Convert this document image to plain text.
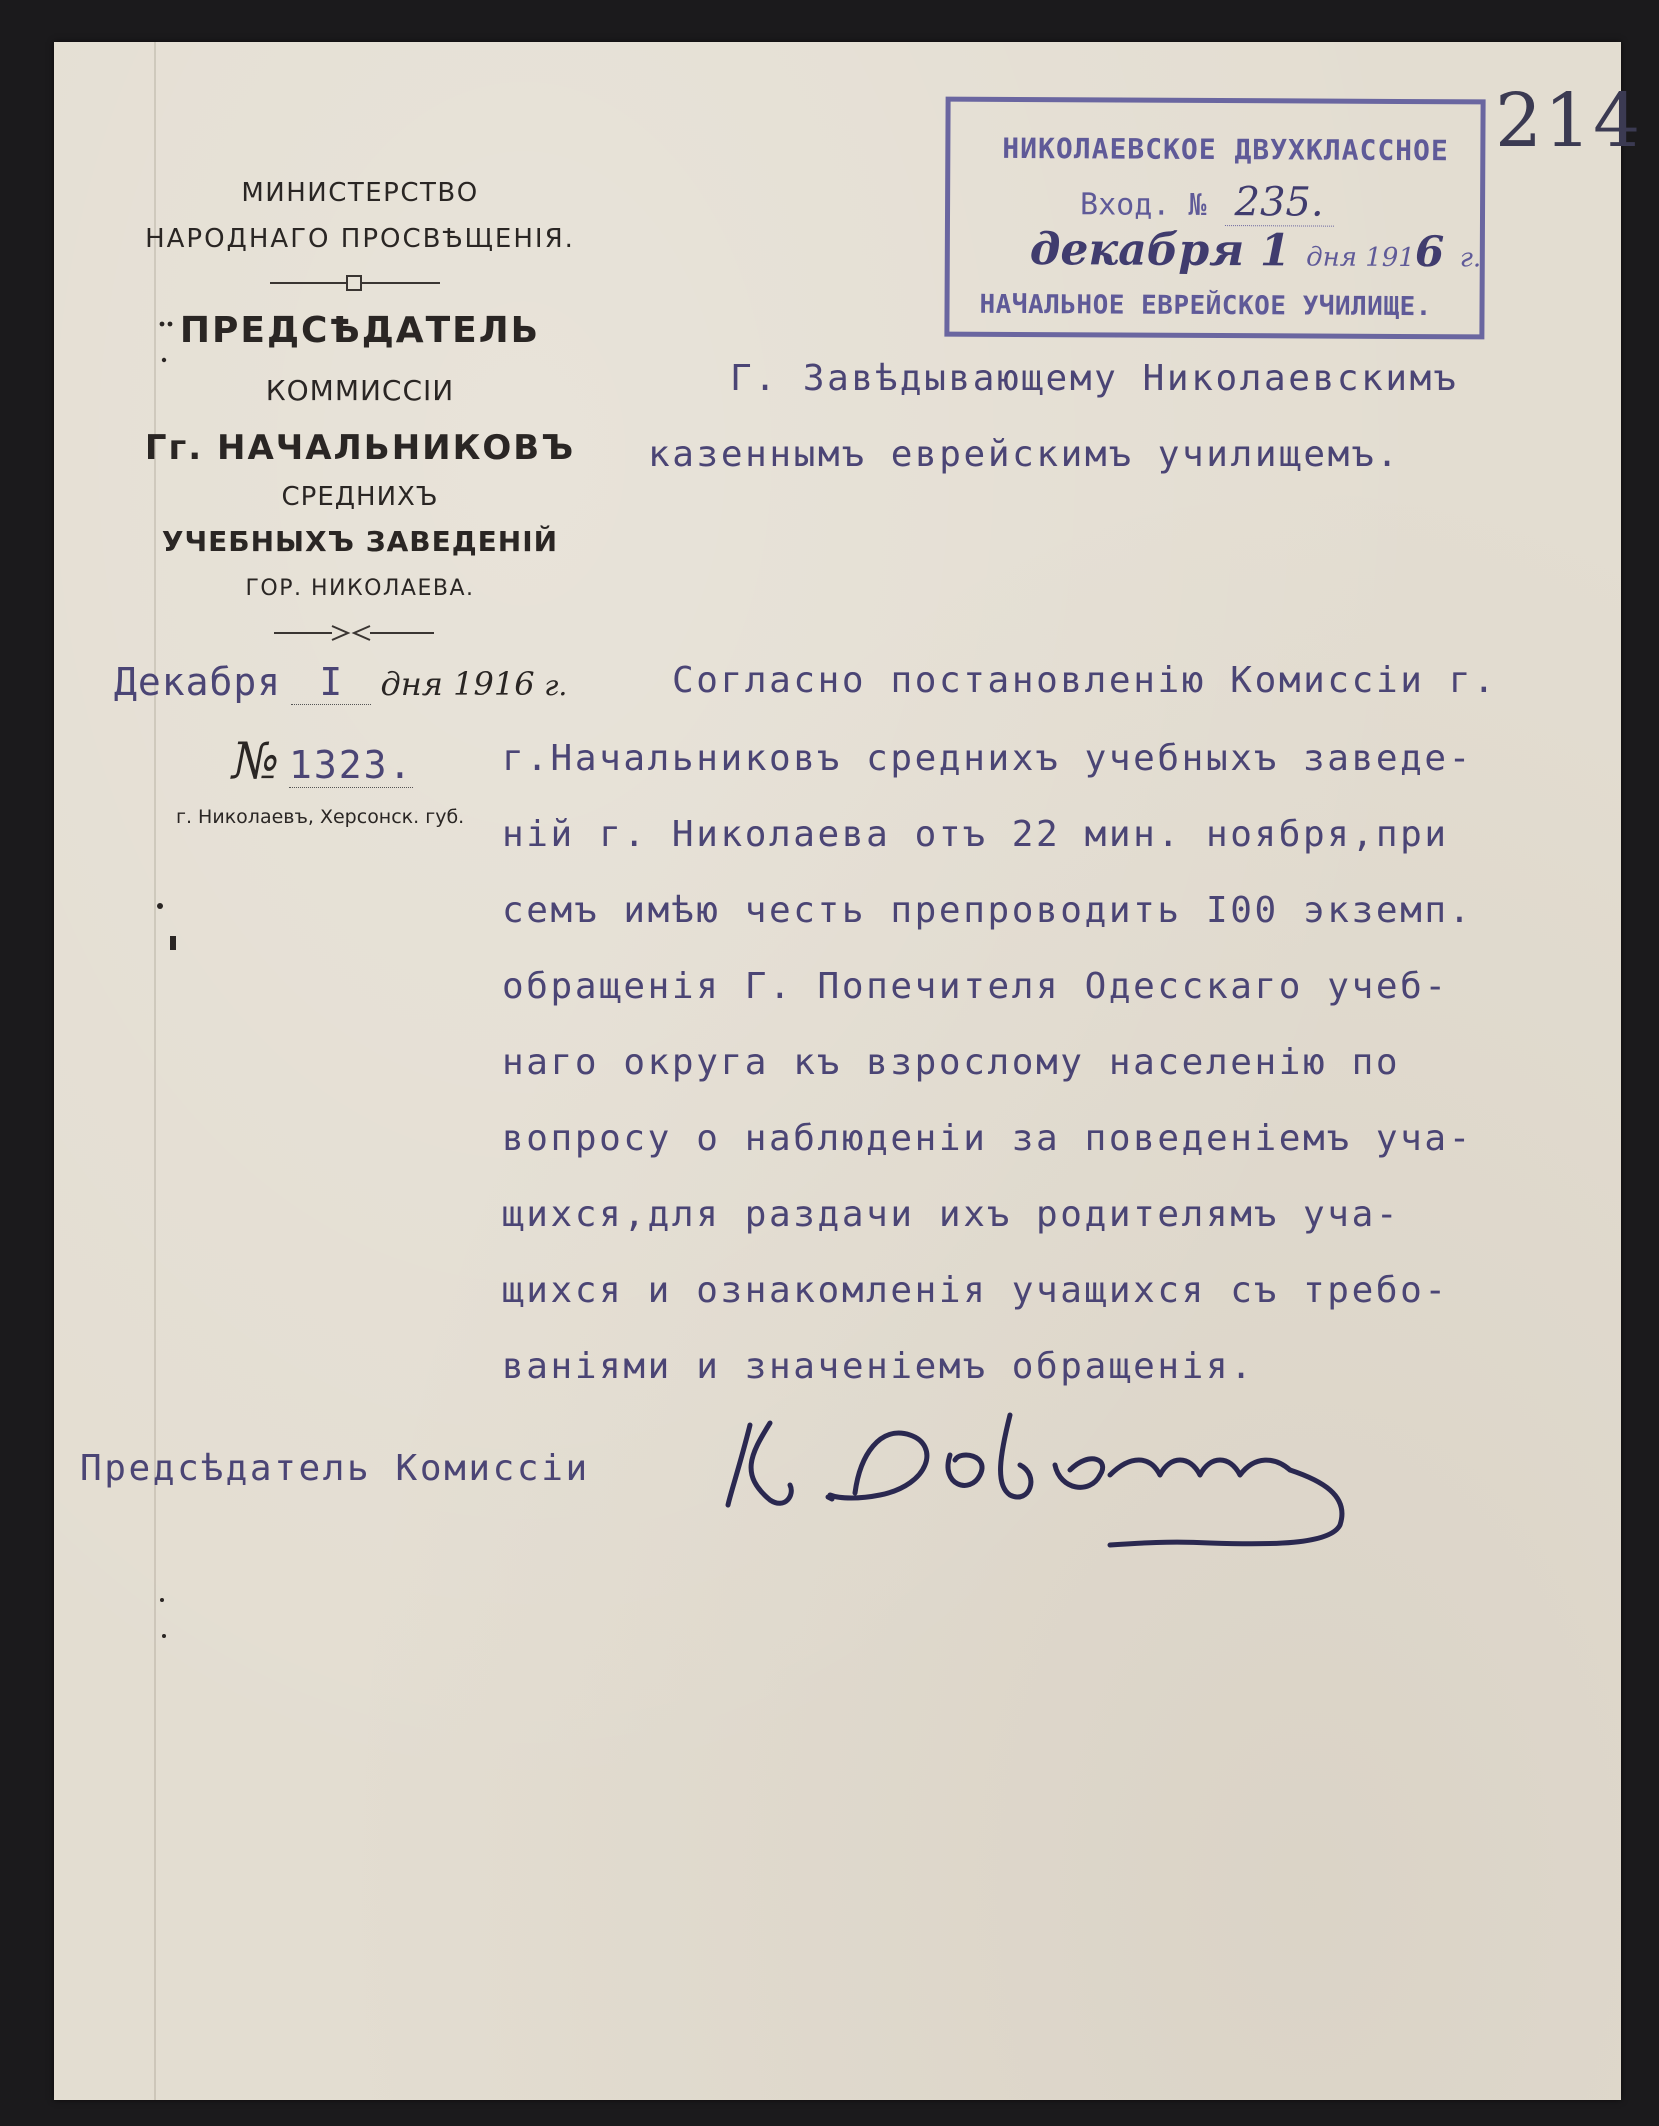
214
МИНИСТЕРСТВО
НАРОДНАГО ПРОСВѢЩЕНІЯ.
ПРЕДСѢДАТЕЛЬ
КОММИССІИ
Гг. НАЧАЛЬНИКОВЪ
СРЕДНИХЪ
УЧЕБНЫХЪ ЗАВЕДЕНІЙ
ГОР. НИКОЛАЕВА.
Декабря I дня 1916 г.
№ 1323.
г. Николаевъ, Херсонск. губ.
НИКОЛАЕВСКОЕ ДВУХКЛАССНОЕ
Вход. № 235.
декабря 1 дня 1916 г.
НАЧАЛЬНОЕ ЕВРЕЙСКОЕ УЧИЛИЩЕ.
Г. Завѣдывающему Николаевскимъ
казеннымъ еврейскимъ училищемъ.
Согласно постановленію Комиссіи г.
г.Начальниковъ среднихъ учебныхъ заведе-
ній г. Николаева отъ 22 мин. ноября,при
семъ имѣю честь препроводить I00 экземп.
обращенія Г. Попечителя Одесскаго учеб-
наго округа къ взрослому населенію по
вопросу о наблюденіи за поведеніемъ уча-
щихся,для раздачи ихъ родителямъ уча-
щихся и ознакомленія учащихся съ требо-
ваніями и значеніемъ обращенія.
Предсѣдатель Комиссіи
